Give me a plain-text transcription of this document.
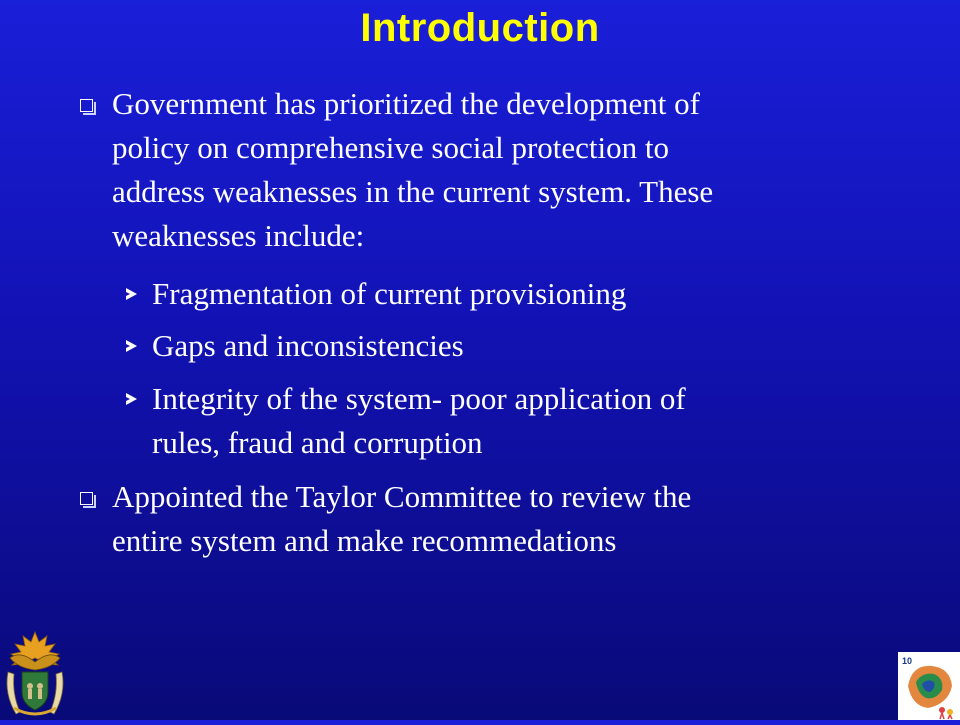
Introduction
Government has prioritized the development of
policy on comprehensive social protection to
address weaknesses in the current system. These
weaknesses include:
Fragmentation of current provisioning
Gaps and inconsistencies
Integrity of the system- poor application of
rules, fraud and corruption
Appointed the Taylor Committee to review the
entire system and make recommedations
10
